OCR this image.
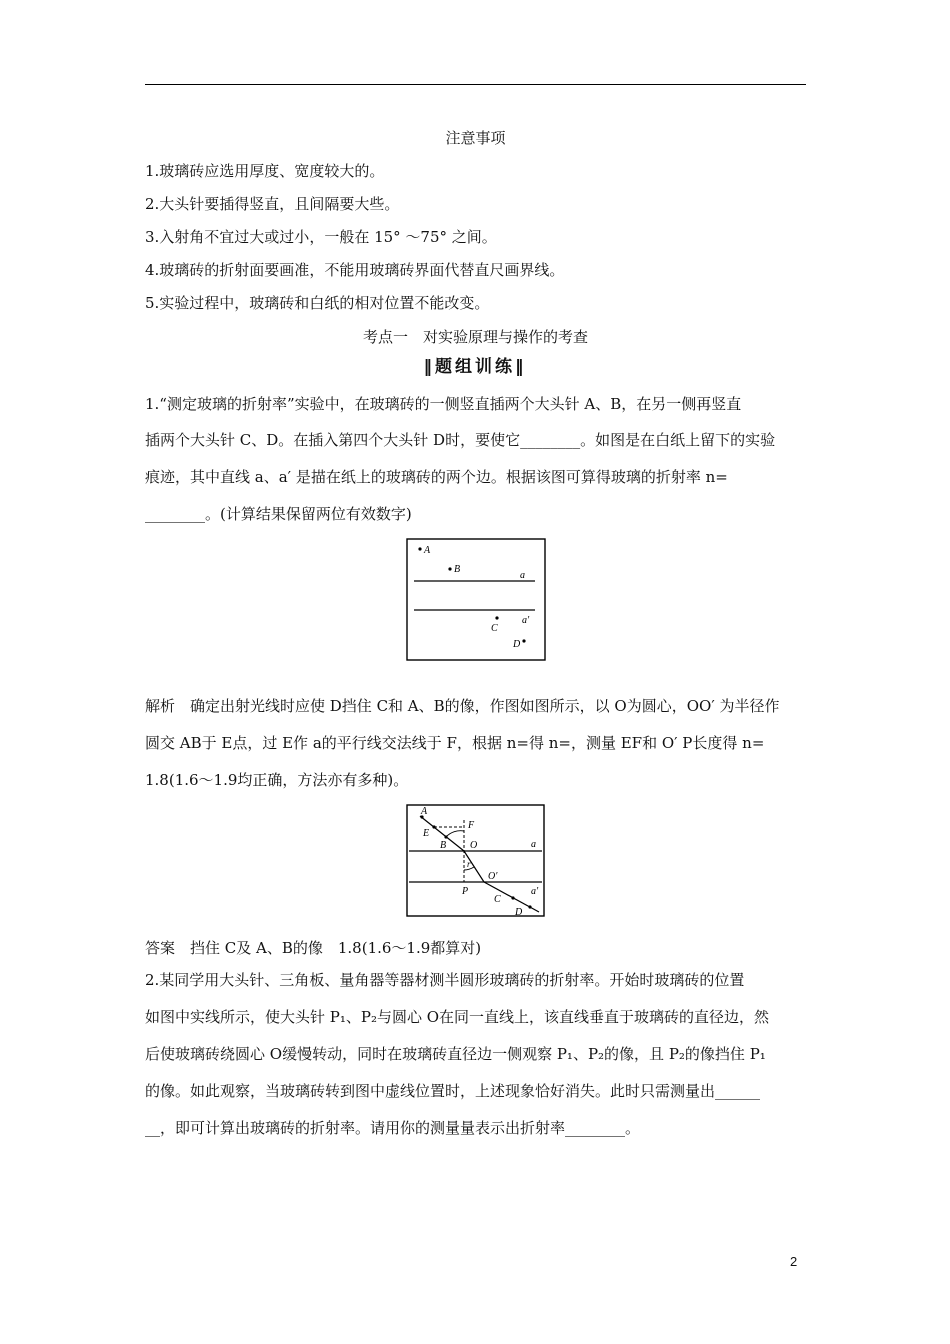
注意事项
1.玻璃砖应选用厚度、宽度较大的。
2.大头针要插得竖直，且间隔要大些。
3.入射角不宜过大或过小，一般在 15° ～75° 之间。
4.玻璃砖的折射面要画准，不能用玻璃砖界面代替直尺画界线。
5.实验过程中，玻璃砖和白纸的相对位置不能改变。
考点一　对实验原理与操作的考查
‖题组训练‖
1.“测定玻璃的折射率”实验中，在玻璃砖的一侧竖直插两个大头针 A、B，在另一侧再竖直
插两个大头针 C、D。在插入第四个大头针 D时，要使它________。如图是在白纸上留下的实验
痕迹，其中直线 a、a′ 是描在纸上的玻璃砖的两个边。根据该图可算得玻璃的折射率 n=
________。(计算结果保留两位有效数字)
A
B
a
a′
C
D
解析　确定出射光线时应使 D挡住 C和 A、B的像，作图如图所示，以 O为圆心，OO′ 为半径作
圆交 AB于 E点，过 E作 a的平行线交法线于 F，根据 n=得 n=，测量 EF和 O′ P长度得 n=
1.8(1.6～1.9均正确，方法亦有多种)。
A
E
F
B O	a
r
O′
P
C
a′
D
答案　挡住 C及 A、B的像　1.8(1.6～1.9都算对)
2.某同学用大头针、三角板、量角器等器材测半圆形玻璃砖的折射率。开始时玻璃砖的位置
如图中实线所示，使大头针 P₁、P₂与圆心 O在同一直线上，该直线垂直于玻璃砖的直径边，然
后使玻璃砖绕圆心 O缓慢转动，同时在玻璃砖直径边一侧观察 P₁、P₂的像，且 P₂的像挡住 P₁
的像。如此观察，当玻璃砖转到图中虚线位置时，上述现象恰好消失。此时只需测量出______
__，即可计算出玻璃砖的折射率。请用你的测量量表示出折射率________。
2
